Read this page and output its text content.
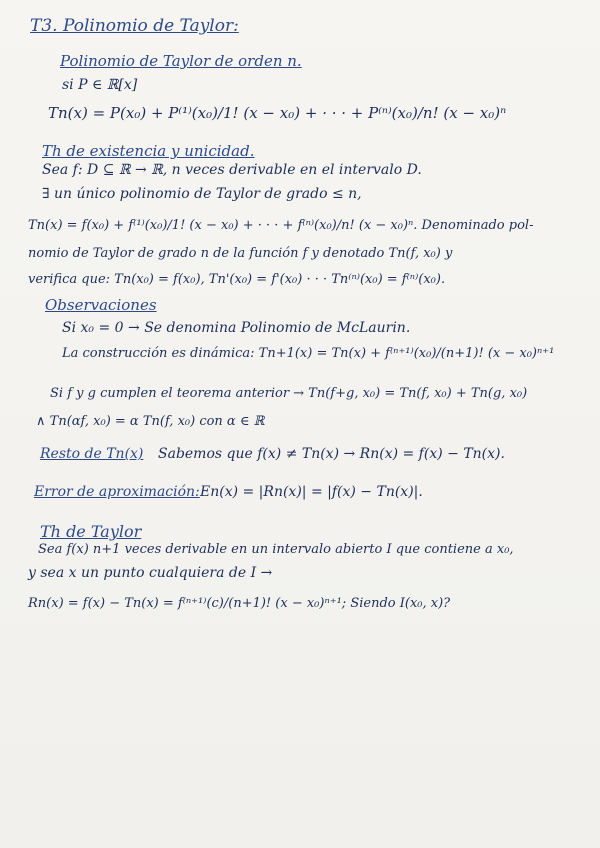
T3. Polinomio de Taylor:
Polinomio de Taylor de orden n.
si P ∈ ℝ[x]
Tn(x) = P(x₀) + P⁽¹⁾(x₀)/1! (x − x₀) + · · · + P⁽ⁿ⁾(x₀)/n! (x − x₀)ⁿ
Th de existencia y unicidad.
Sea f: D ⊆ ℝ → ℝ, n veces derivable en el intervalo D.
∃ un único polinomio de Taylor de grado ≤ n,
Tn(x) = f(x₀) + f⁽¹⁾(x₀)/1! (x − x₀) + · · · + f⁽ⁿ⁾(x₀)/n! (x − x₀)ⁿ. Denominado pol-
nomio de Taylor de grado n de la función f y denotado Tn(f, x₀) y
verifica que: Tn(x₀) = f(x₀), Tn'(x₀) = f'(x₀) · · · Tn⁽ⁿ⁾(x₀) = f⁽ⁿ⁾(x₀).
Observaciones
Si x₀ = 0 → Se denomina Polinomio de McLaurin.
La construcción es dinámica: Tn+1(x) = Tn(x) + f⁽ⁿ⁺¹⁾(x₀)/(n+1)! (x − x₀)ⁿ⁺¹
Si f y g cumplen el teorema anterior → Tn(f+g, x₀) = Tn(f, x₀) + Tn(g, x₀)
∧ Tn(αf, x₀) = α Tn(f, x₀) con α ∈ ℝ
Resto de Tn(x) Sabemos que f(x) ≠ Tn(x) → Rn(x) = f(x) − Tn(x).
Error de aproximación: En(x) = |Rn(x)| = |f(x) − Tn(x)|.
Th de Taylor
Sea f(x) n+1 veces derivable en un intervalo abierto I que contiene a x₀,
y sea x un punto cualquiera de I →
Rn(x) = f(x) − Tn(x) = f⁽ⁿ⁺¹⁾(c)/(n+1)! (x − x₀)ⁿ⁺¹; Siendo I(x₀, x)?
